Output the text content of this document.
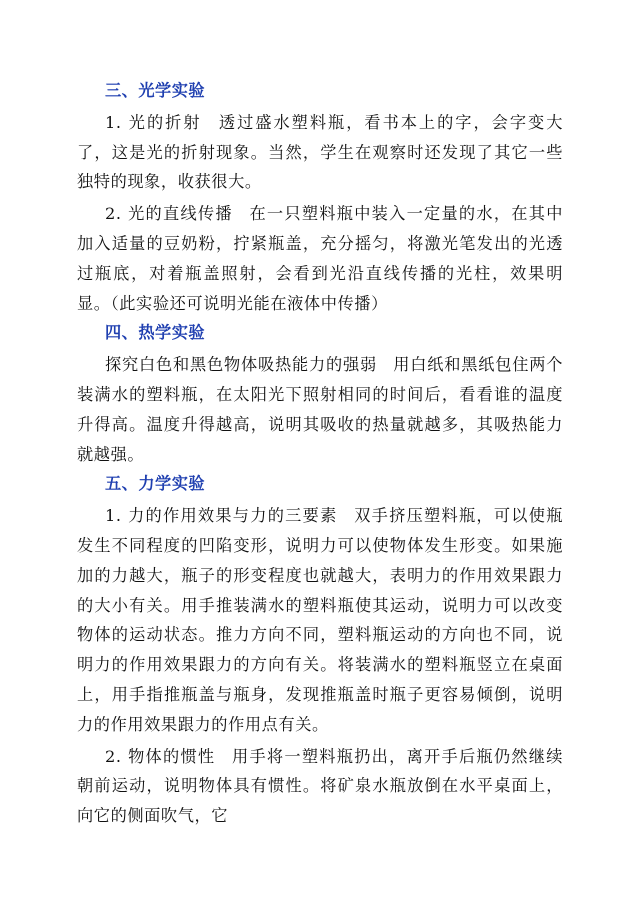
三、光学实验

1. 光的折射 透过盛水塑料瓶，看书本上的字，会字变大了，这是光的折射现象。当然，学生在观察时还发现了其它一些独特的现象，收获很大。

2. 光的直线传播 在一只塑料瓶中装入一定量的水，在其中加入适量的豆奶粉，拧紧瓶盖，充分摇匀，将激光笔发出的光透过瓶底，对着瓶盖照射，会看到光沿直线传播的光柱，效果明显。（此实验还可说明光能在液体中传播）

四、热学实验

探究白色和黑色物体吸热能力的强弱 用白纸和黑纸包住两个装满水的塑料瓶，在太阳光下照射相同的时间后，看看谁的温度升得高。温度升得越高，说明其吸收的热量就越多，其吸热能力就越强。

五、力学实验

1. 力的作用效果与力的三要素 双手挤压塑料瓶，可以使瓶发生不同程度的凹陷变形，说明力可以使物体发生形变。如果施加的力越大，瓶子的形变程度也就越大，表明力的作用效果跟力的大小有关。用手推装满水的塑料瓶使其运动，说明力可以改变物体的运动状态。推力方向不同，塑料瓶运动的方向也不同，说明力的作用效果跟力的方向有关。将装满水的塑料瓶竖立在桌面上，用手指推瓶盖与瓶身，发现推瓶盖时瓶子更容易倾倒，说明力的作用效果跟力的作用点有关。

2. 物体的惯性 用手将一塑料瓶扔出，离开手后瓶仍然继续朝前运动，说明物体具有惯性。将矿泉水瓶放倒在水平桌面上，向它的侧面吹气，它
